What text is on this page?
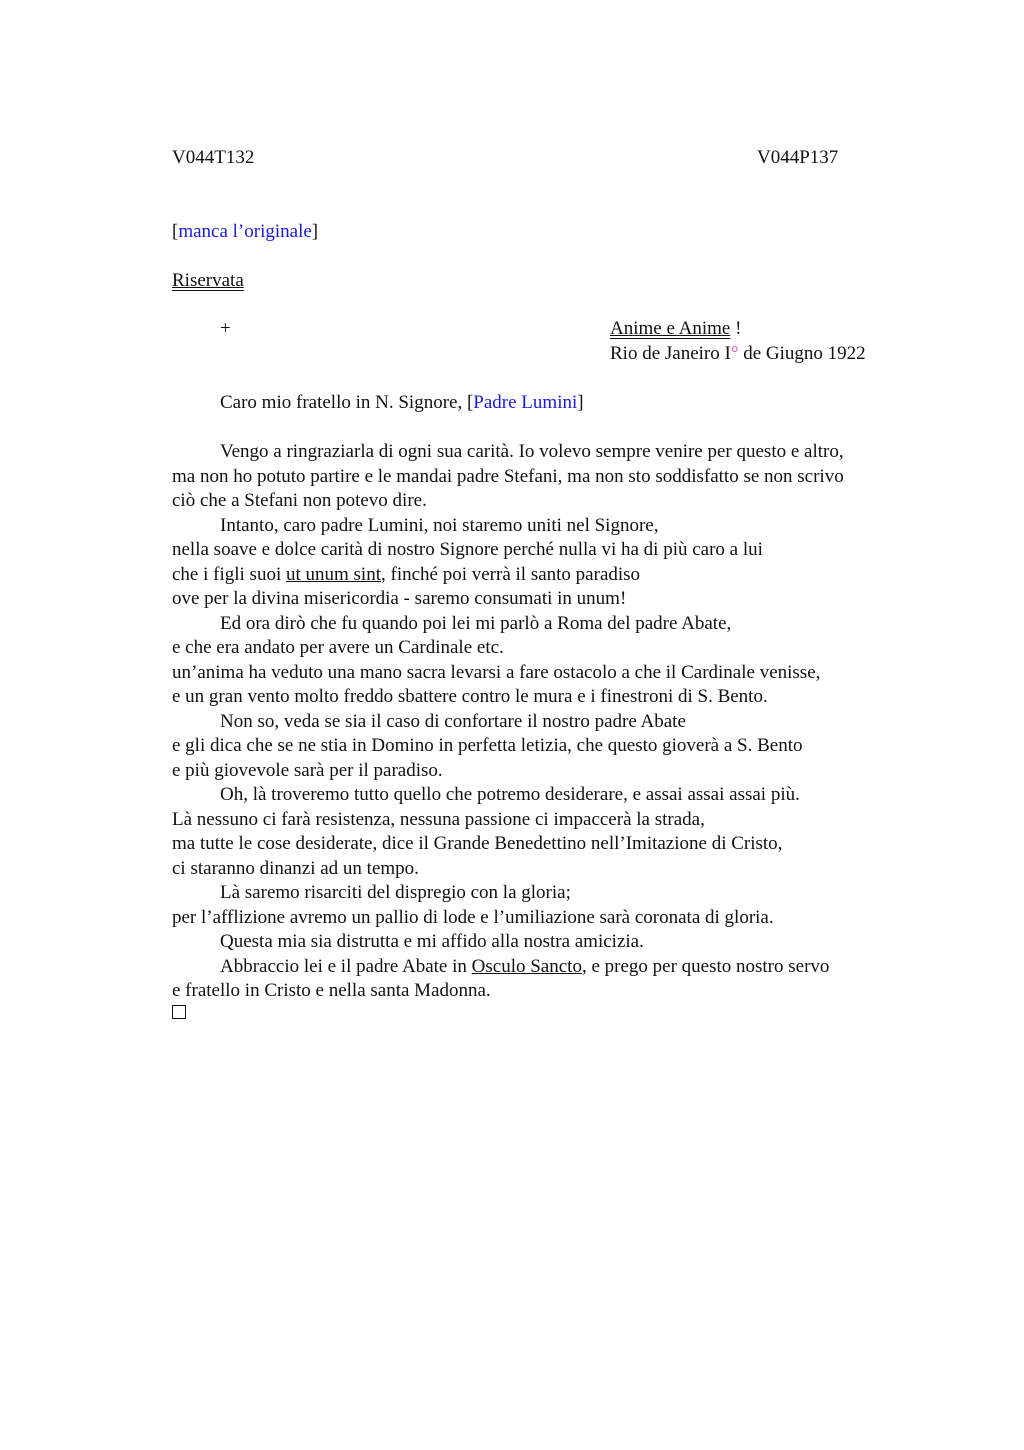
V044T132	V044P137
[manca l’originale]
Riservata
+	Anime e Anime !
Rio de Janeiro I° de Giugno 1922
Caro mio fratello in N. Signore, [Padre Lumini]
Vengo a ringraziarla di ogni sua carità. Io volevo sempre venire per questo e altro,
ma non ho potuto partire e le mandai padre Stefani, ma non sto soddisfatto se non scrivo
ciò che a Stefani non potevo dire.
Intanto, caro padre Lumini, noi staremo uniti nel Signore,
nella soave e dolce carità di nostro Signore perché nulla vi ha di più caro a lui
che i figli suoi ut unum sint, finché poi verrà il santo paradiso
ove per la divina misericordia - saremo consumati in unum!
Ed ora dirò che fu quando poi lei mi parlò a Roma del padre Abate,
e che era andato per avere un Cardinale etc.
un’anima ha veduto una mano sacra levarsi a fare ostacolo a che il Cardinale venisse,
e un gran vento molto freddo sbattere contro le mura e i finestroni di S. Bento.
Non so, veda se sia il caso di confortare il nostro padre Abate
e gli dica che se ne stia in Domino in perfetta letizia, che questo gioverà a S. Bento
e più giovevole sarà per il paradiso.
Oh, là troveremo tutto quello che potremo desiderare, e assai assai assai più.
Là nessuno ci farà resistenza, nessuna passione ci impaccerà la strada,
ma tutte le cose desiderate, dice il Grande Benedettino nell’Imitazione di Cristo,
ci staranno dinanzi ad un tempo.
Là saremo risarciti del dispregio con la gloria;
per l’afflizione avremo un pallio di lode e l’umiliazione sarà coronata di gloria.
Questa mia sia distrutta e mi affido alla nostra amicizia.
Abbraccio lei e il padre Abate in Osculo Sancto, e prego per questo nostro servo
e fratello in Cristo e nella santa Madonna.
